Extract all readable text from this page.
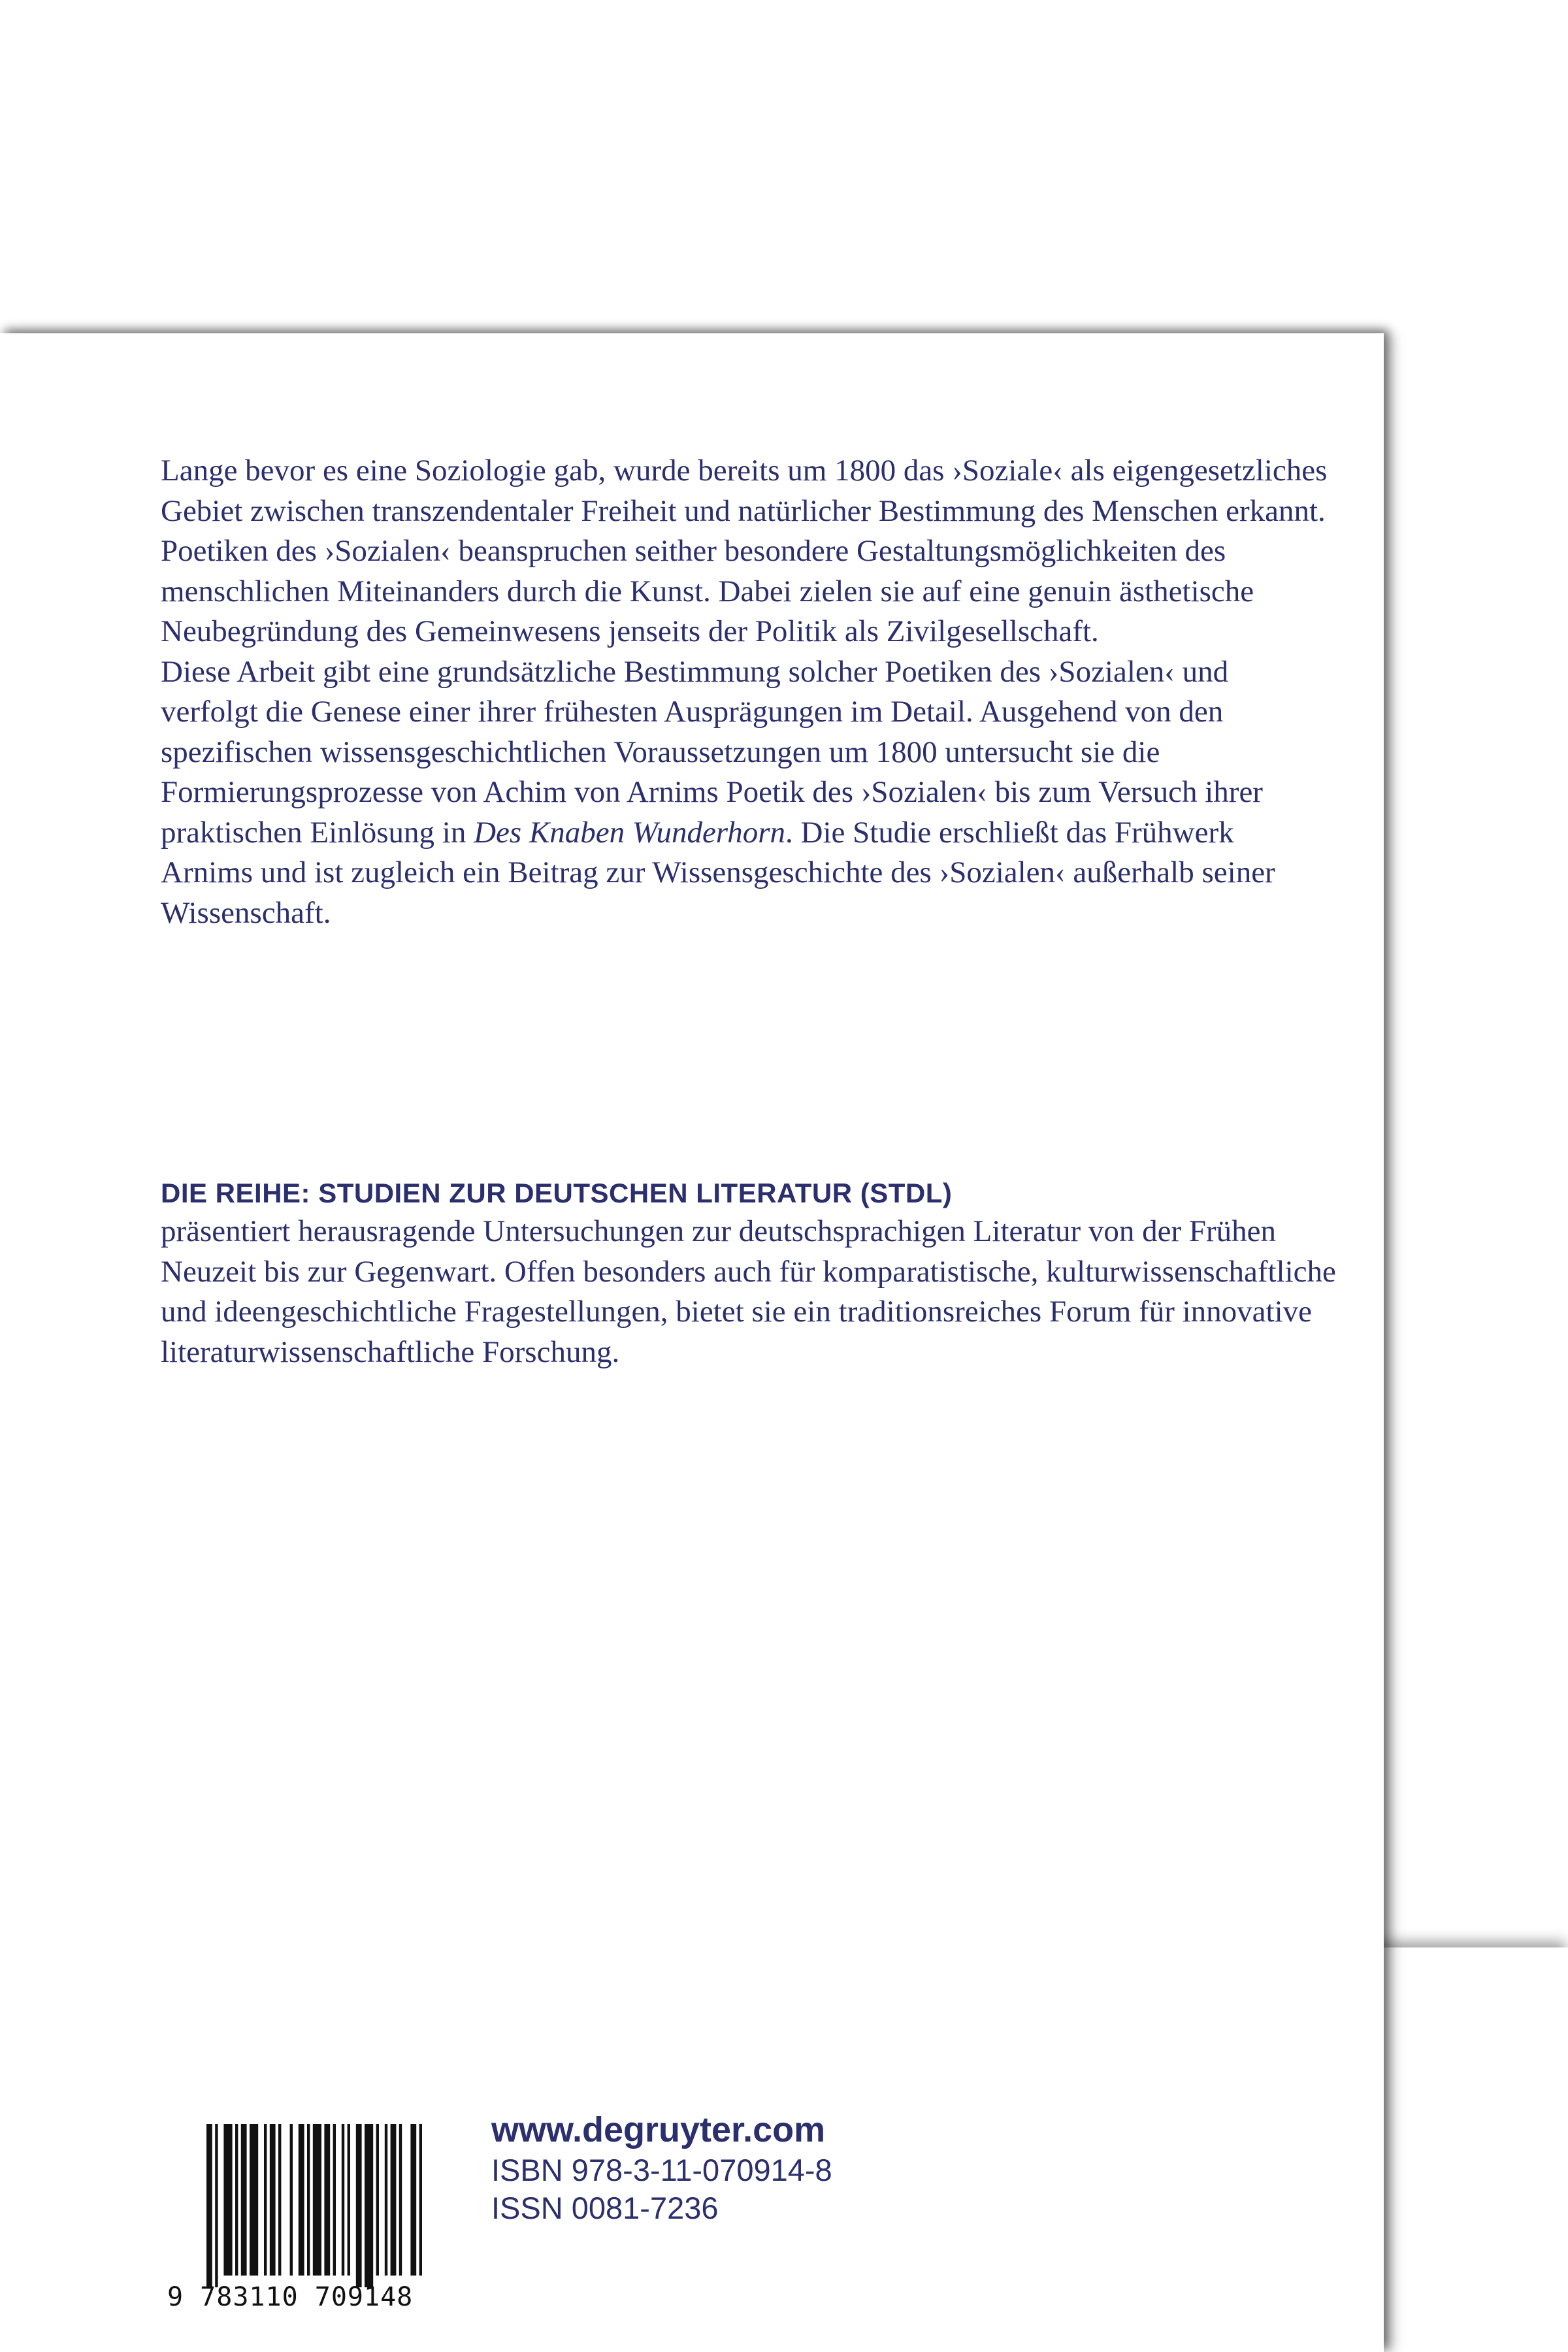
Lange bevor es eine Soziologie gab, wurde bereits um 1800 das ›Soziale‹ als eigengesetzliches Gebiet zwischen transzendentaler Freiheit und natürlicher Bestimmung des Menschen erkannt. Poetiken des ›Sozialen‹ beanspruchen seither besondere Gestaltungsmöglichkeiten des menschlichen Miteinanders durch die Kunst. Dabei zielen sie auf eine genuin ästhetische Neubegründung des Gemeinwesens jenseits der Politik als Zivilgesellschaft.

Diese Arbeit gibt eine grundsätzliche Bestimmung solcher Poetiken des ›Sozialen‹ und verfolgt die Genese einer ihrer frühesten Ausprägungen im Detail. Ausgehend von den spezifischen wissensgeschichtlichen Voraussetzungen um 1800 untersucht sie die Formierungsprozesse von Achim von Arnims Poetik des ›Sozialen‹ bis zum Versuch ihrer praktischen Einlösung in Des Knaben Wunderhorn. Die Studie erschließt das Frühwerk Arnims und ist zugleich ein Beitrag zur Wissensgeschichte des ›Sozialen‹ außerhalb seiner Wissenschaft.

DIE REIHE: STUDIEN ZUR DEUTSCHEN LITERATUR (STDL)

präsentiert herausragende Untersuchungen zur deutschsprachigen Literatur von der Frühen Neuzeit bis zur Gegenwart. Offen besonders auch für komparatistische, kulturwissenschaftliche und ideengeschichtliche Fragestellungen, bietet sie ein traditionsreiches Forum für innovative literaturwissenschaftliche Forschung.

9 783110 709148

www.degruyter.com

ISBN 978-3-11-070914-8

ISSN 0081-7236
